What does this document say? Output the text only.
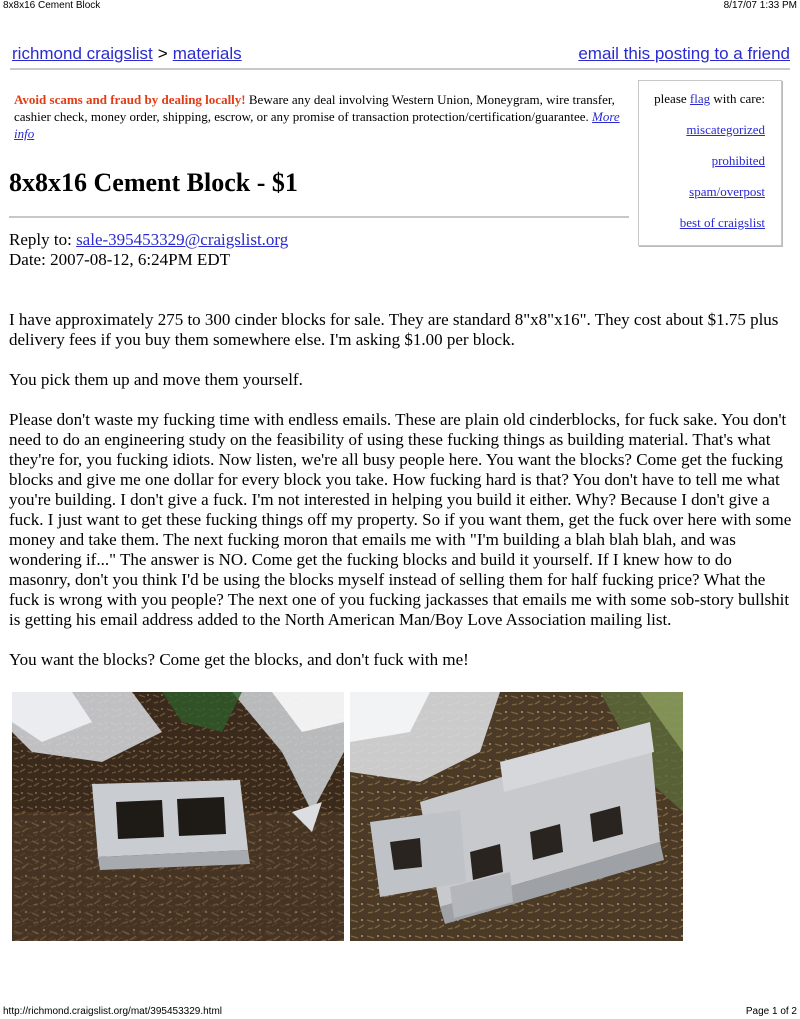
8x8x16 Cement Block	8/17/07 1:33 PM
richmond craigslist > materials	email this posting to a friend
Avoid scams and fraud by dealing locally! Beware any deal involving Western Union, Moneygram, wire transfer, cashier check, money order, shipping, escrow, or any promise of transaction protection/certification/guarantee. More info
please flag with care:
miscategorized
prohibited
spam/overpost
best of craigslist
8x8x16 Cement Block - $1
Reply to: sale-395453329@craigslist.org
Date: 2007-08-12, 6:24PM EDT

I have approximately 275 to 300 cinder blocks for sale. They are standard 8"x8"x16". They cost about $1.75 plus delivery fees if you buy them somewhere else. I'm asking $1.00 per block.

You pick them up and move them yourself.

Please don't waste my fucking time with endless emails. These are plain old cinderblocks, for fuck sake. You don't need to do an engineering study on the feasibility of using these fucking things as building material. That's what they're for, you fucking idiots. Now listen, we're all busy people here. You want the blocks? Come get the fucking blocks and give me one dollar for every block you take. How fucking hard is that? You don't have to tell me what you're building. I don't give a fuck. I'm not interested in helping you build it either. Why? Because I don't give a fuck. I just want to get these fucking things off my property. So if you want them, get the fuck over here with some money and take them. The next fucking moron that emails me with "I'm building a blah blah blah, and was wondering if..." The answer is NO. Come get the fucking blocks and build it yourself. If I knew how to do masonry, don't you think I'd be using the blocks myself instead of selling them for half fucking price? What the fuck is wrong with you people? The next one of you fucking jackasses that emails me with some sob-story bullshit is getting his email address added to the North American Man/Boy Love Association mailing list.

You want the blocks? Come get the blocks, and don't fuck with me!

http://richmond.craigslist.org/mat/395453329.html	Page 1 of 2
